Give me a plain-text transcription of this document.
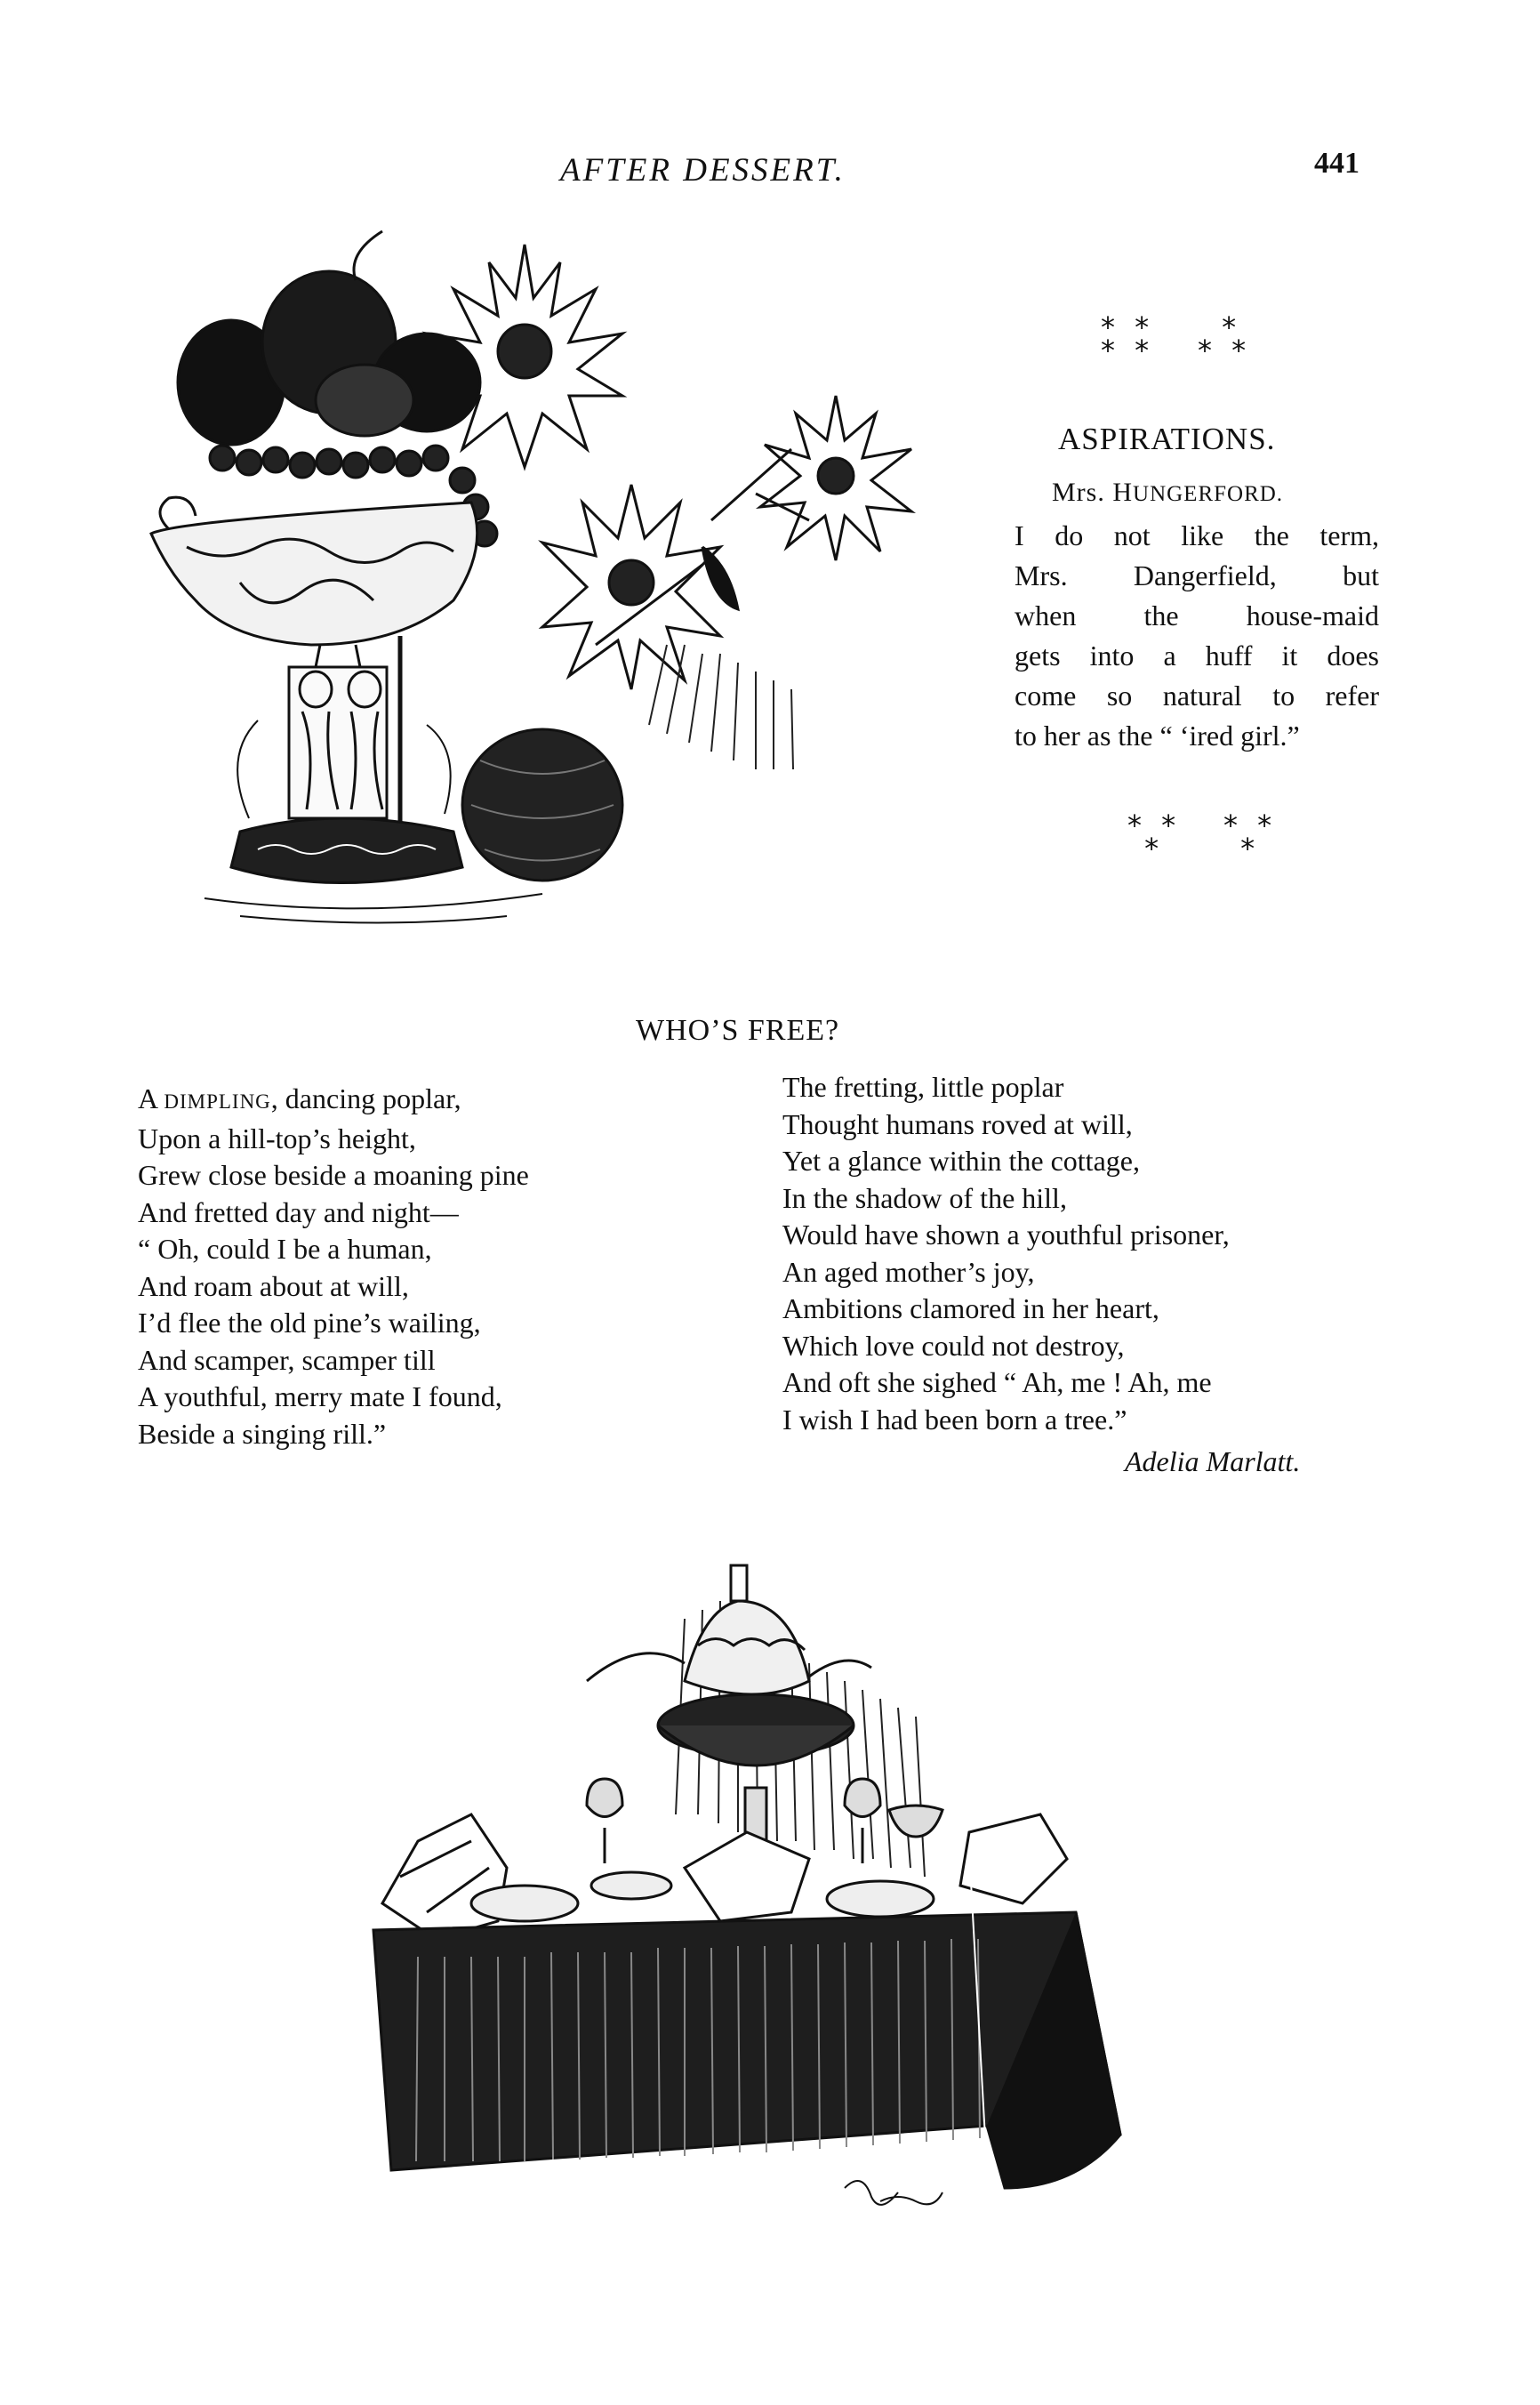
AFTER DESSERT.	441
* *
* *
*
* *
* *
*
* *
*
ASPIRATIONS.
Mrs. HUNGERFORD.
I do not like the term,
Mrs. Dangerfield, but
when the house-maid
gets into a huff it does
come so natural to refer
to her as the “ ‘ired girl.”
WHO’S FREE?
A DIMPLING, dancing poplar,
Upon a hill-top’s height,
Grew close beside a moaning pine
And fretted day and night—
“ Oh, could I be a human,
And roam about at will,
I’d flee the old pine’s wailing,
And scamper, scamper till
A youthful, merry mate I found,
Beside a singing rill.”
The fretting, little poplar
Thought humans roved at will,
Yet a glance within the cottage,
In the shadow of the hill,
Would have shown a youthful prisoner,
An aged mother’s joy,
Ambitions clamored in her heart,
Which love could not destroy,
And oft she sighed “ Ah, me ! Ah, me
I wish I had been born a tree.”
Adelia Marlatt.
